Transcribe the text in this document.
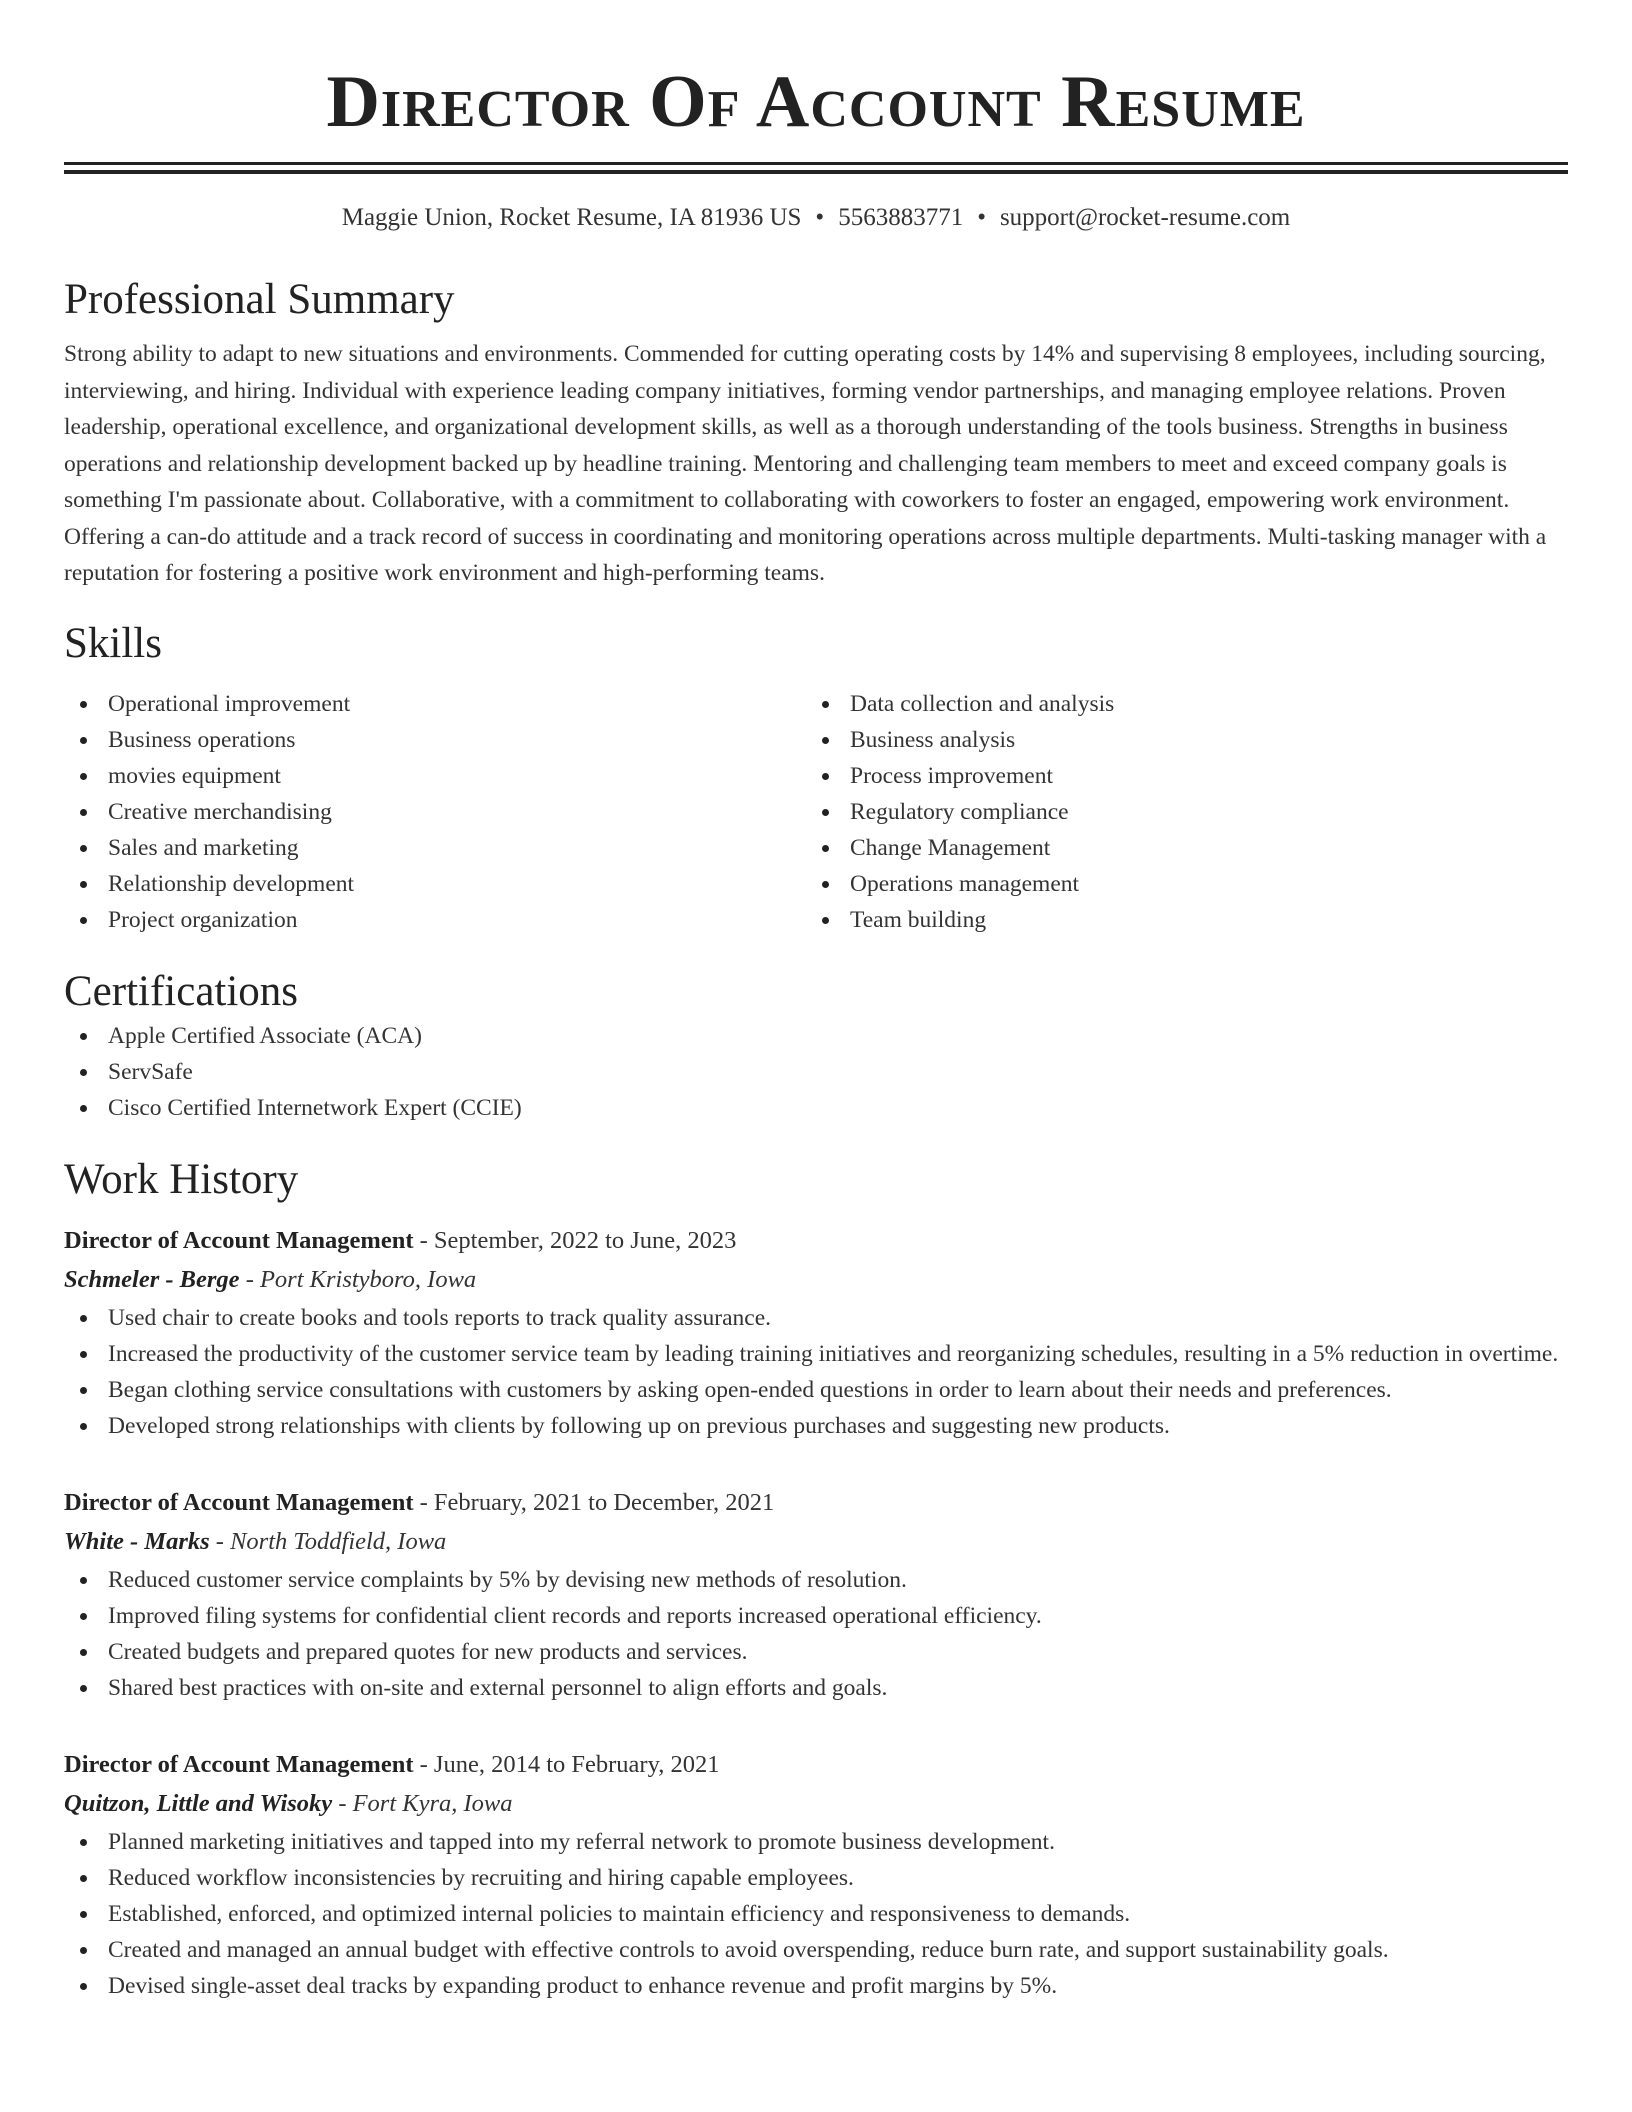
Director Of Account Resume
Maggie Union, Rocket Resume, IA 81936 US • 5563883771 • support@rocket-resume.com
Professional Summary

Strong ability to adapt to new situations and environments. Commended for cutting operating costs by 14% and supervising 8 employees, including sourcing, interviewing, and hiring. Individual with experience leading company initiatives, forming vendor partnerships, and managing employee relations. Proven leadership, operational excellence, and organizational development skills, as well as a thorough understanding of the tools business. Strengths in business operations and relationship development backed up by headline training. Mentoring and challenging team members to meet and exceed company goals is something I'm passionate about. Collaborative, with a commitment to collaborating with coworkers to foster an engaged, empowering work environment. Offering a can-do attitude and a track record of success in coordinating and monitoring operations across multiple departments. Multi-tasking manager with a reputation for fostering a positive work environment and high-performing teams.

Skills
Operational improvement
Business operations
movies equipment
Creative merchandising
Sales and marketing
Relationship development
Project organization
Data collection and analysis
Business analysis
Process improvement
Regulatory compliance
Change Management
Operations management
Team building
Certifications
Apple Certified Associate (ACA)
ServSafe
Cisco Certified Internetwork Expert (CCIE)
Work History
Director of Account Management - September, 2022 to June, 2023
Schmeler - Berge - Port Kristyboro, Iowa
Used chair to create books and tools reports to track quality assurance.
Increased the productivity of the customer service team by leading training initiatives and reorganizing schedules, resulting in a 5% reduction in overtime.
Began clothing service consultations with customers by asking open-ended questions in order to learn about their needs and preferences.
Developed strong relationships with clients by following up on previous purchases and suggesting new products.
Director of Account Management - February, 2021 to December, 2021
White - Marks - North Toddfield, Iowa
Reduced customer service complaints by 5% by devising new methods of resolution.
Improved filing systems for confidential client records and reports increased operational efficiency.
Created budgets and prepared quotes for new products and services.
Shared best practices with on-site and external personnel to align efforts and goals.
Director of Account Management - June, 2014 to February, 2021
Quitzon, Little and Wisoky - Fort Kyra, Iowa
Planned marketing initiatives and tapped into my referral network to promote business development.
Reduced workflow inconsistencies by recruiting and hiring capable employees.
Established, enforced, and optimized internal policies to maintain efficiency and responsiveness to demands.
Created and managed an annual budget with effective controls to avoid overspending, reduce burn rate, and support sustainability goals.
Devised single-asset deal tracks by expanding product to enhance revenue and profit margins by 5%.
